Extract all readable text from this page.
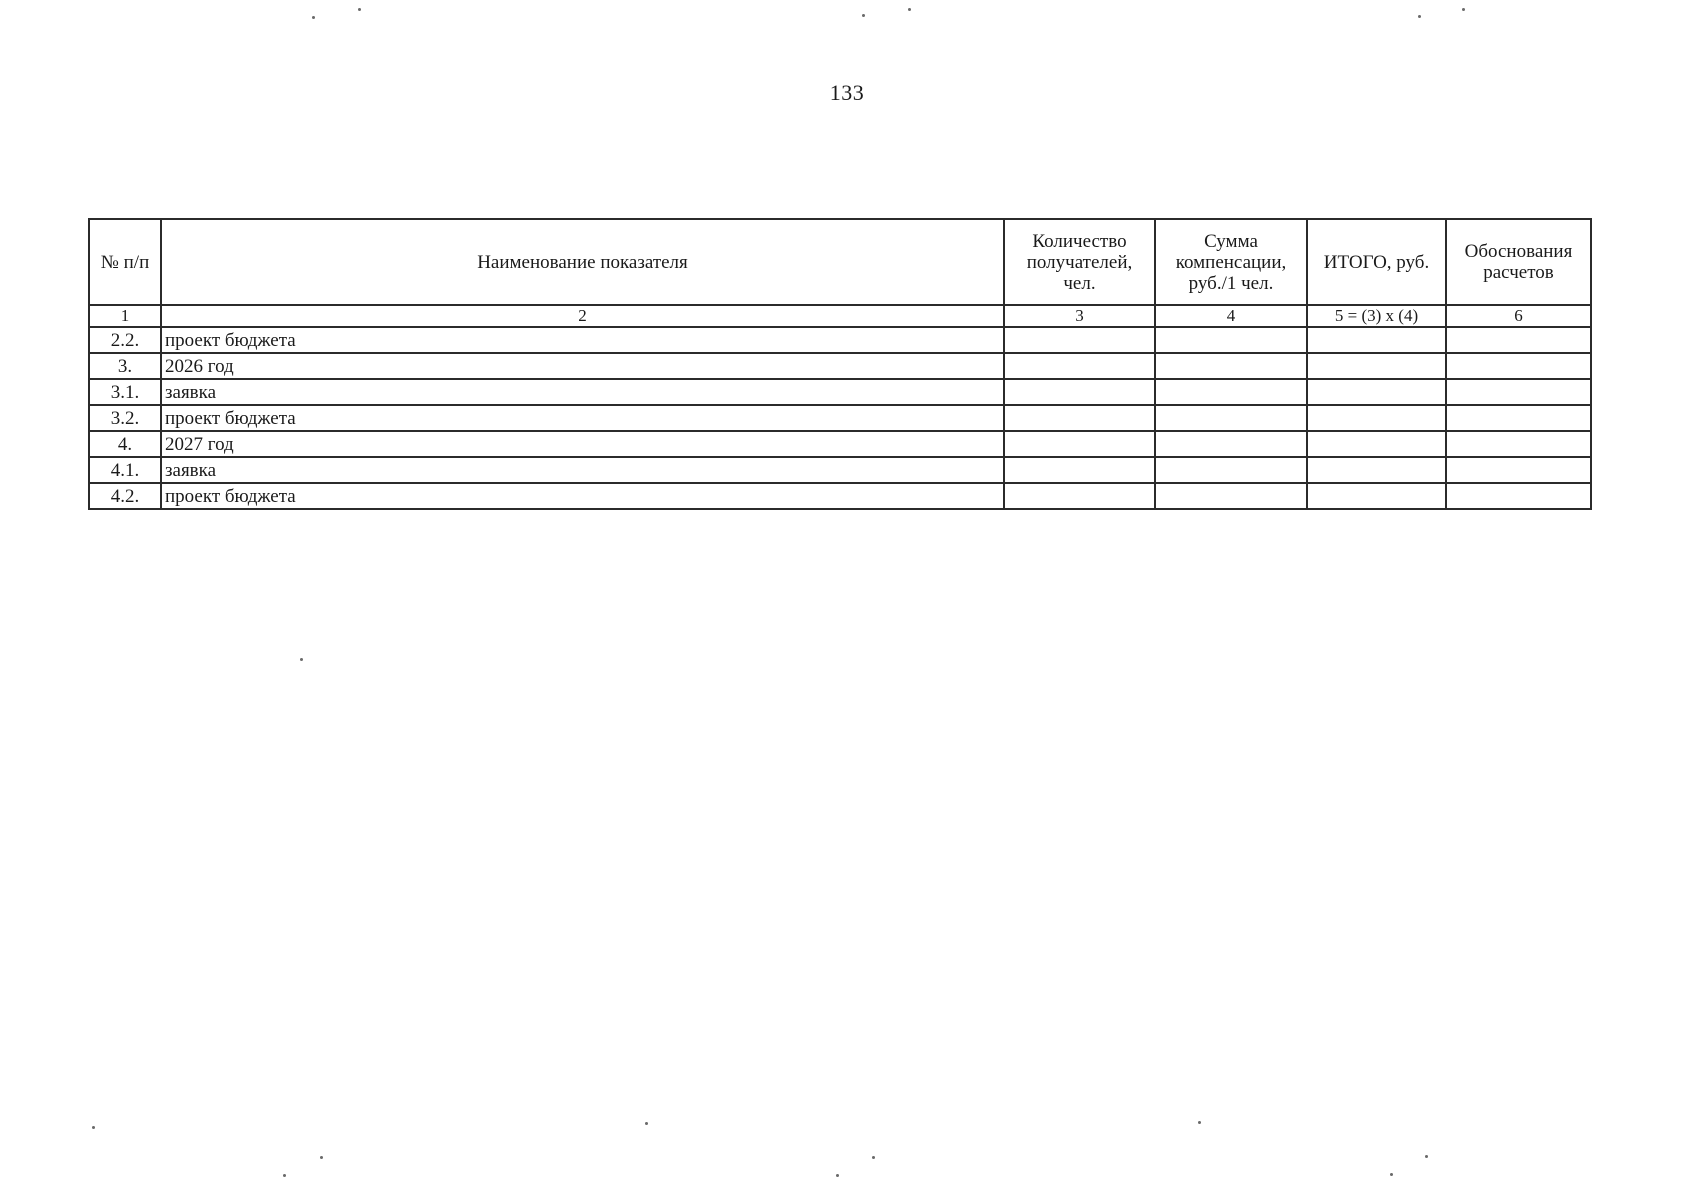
133
№ п/п	Наименование показателя	Количество получателей, чел.	Сумма компенсации, руб./1 чел.	ИТОГО, руб.	Обоснования расчетов
1	2	3	4	5 = (3) x (4)	6
2.2.	проект бюджета				
3.	2026 год				
3.1.	заявка				
3.2.	проект бюджета				
4.	2027 год				
4.1.	заявка				
4.2.	проект бюджета				
